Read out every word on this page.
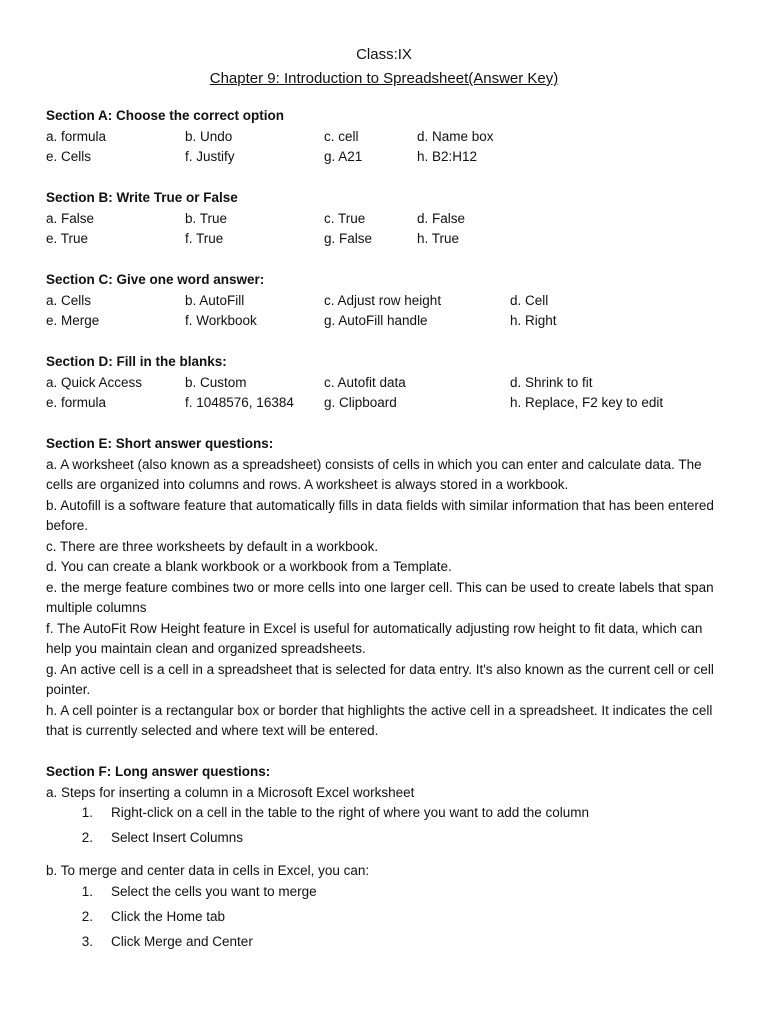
Class:IX
Chapter 9: Introduction to Spreadsheet(Answer Key)
Section A: Choose the correct option
a. formula	b. Undo	c. cell	d. Name box
e. Cells	f. Justify	g. A21	h. B2:H12
Section B: Write True or False
a. False	b. True	c. True	d. False
e. True	f. True	g. False	h. True
Section C: Give one word answer:
a. Cells	b. AutoFill	c. Adjust row height	d. Cell
e. Merge	f. Workbook	g. AutoFill handle	h. Right
Section D: Fill in the blanks:
a. Quick Access	b. Custom	c. Autofit data	d. Shrink to fit
e. formula	f. 1048576, 16384	g. Clipboard	h. Replace, F2 key to edit
Section E: Short answer questions:

a. A worksheet (also known as a spreadsheet) consists of cells in which you can enter and calculate data. The cells are organized into columns and rows. A worksheet is always stored in a workbook.

b. Autofill is a software feature that automatically fills in data fields with similar information that has been entered before.

c. There are three worksheets by default in a workbook.

d. You can create a blank workbook or a workbook from a Template.

e. the merge feature combines two or more cells into one larger cell. This can be used to create labels that span multiple columns

f. The AutoFit Row Height feature in Excel is useful for automatically adjusting row height to fit data, which can help you maintain clean and organized spreadsheets.

g. An active cell is a cell in a spreadsheet that is selected for data entry. It's also known as the current cell or cell pointer.

h. A cell pointer is a rectangular box or border that highlights the active cell in a spreadsheet. It indicates the cell that is currently selected and where text will be entered.

Section F: Long answer questions:
a. Steps for inserting a column in a Microsoft Excel worksheet
1. Right-click on a cell in the table to the right of where you want to add the column
2. Select Insert Columns
b. To merge and center data in cells in Excel, you can:
1. Select the cells you want to merge
2. Click the Home tab
3. Click Merge and Center
